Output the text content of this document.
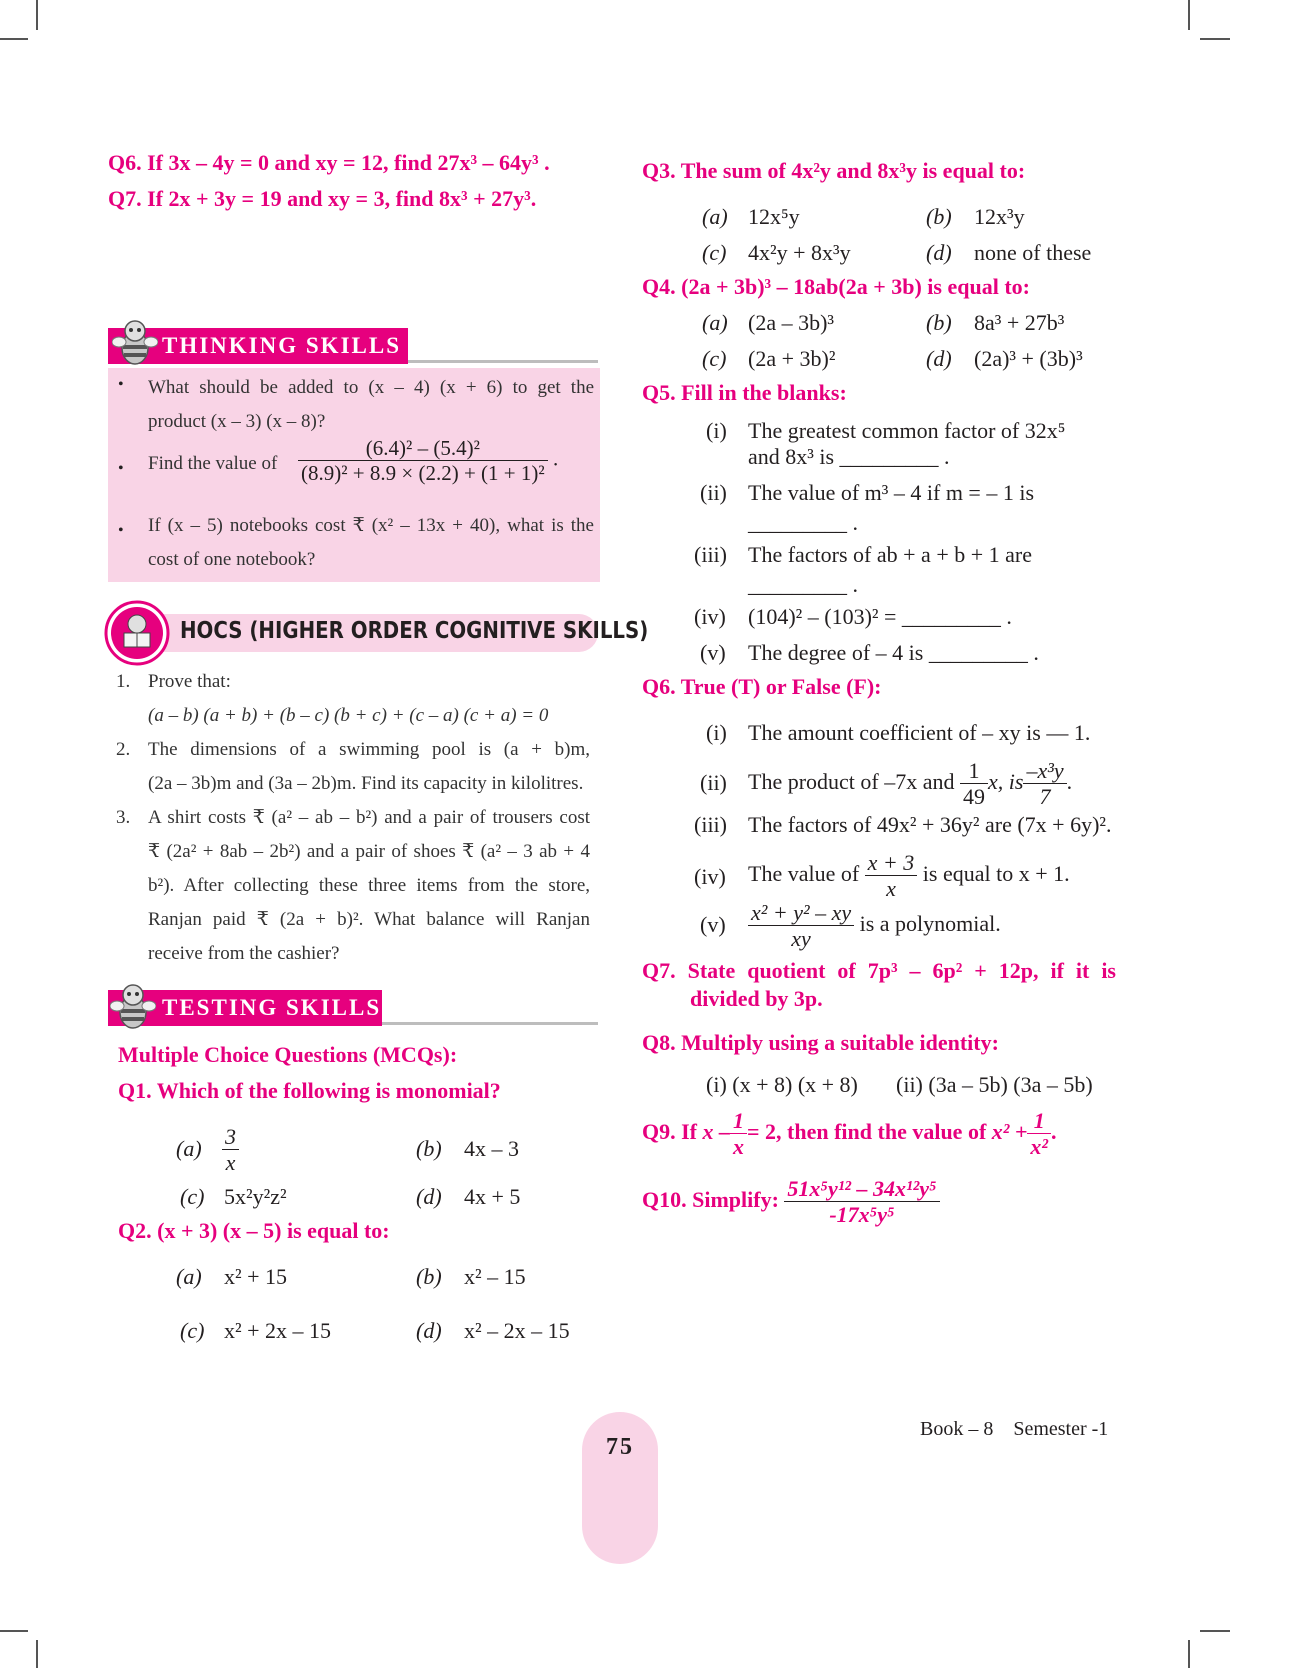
Q6. If 3x – 4y = 0 and xy = 12, find 27x³ – 64y³ .
Q7. If 2x + 3y = 19 and xy = 3, find 8x³ + 27y³.
THINKING SKILLS
• What should be added to (x – 4) (x + 6) to get the
product (x – 3) (x – 8)?
• Find the value of $\frac{\text{(6.4)² – (5.4)²}}{\text{(8.9)² + 8.9 × (2.2) + (1 + 1)²}}$ .
• If (x – 5) notebooks cost ₹ (x² – 13x + 40), what is the
cost of one notebook?
HOCS (HIGHER ORDER COGNITIVE SKILLS)
1. Prove that:
(a – b) (a + b) + (b – c) (b + c) + (c – a) (c + a) = 0
2. The dimensions of a swimming pool is (a + b)m,
(2a – 3b)m and (3a – 2b)m. Find its capacity in kilolitres.
3. A shirt costs ₹ (a² – ab – b²) and a pair of trousers cost
₹ (2a² + 8ab – 2b²) and a pair of shoes ₹ (a² – 3 ab + 4
b²). After collecting these three items from the store,
Ranjan paid ₹ (2a + b)². What balance will Ranjan
receive from the cashier?
TESTING SKILLS
Multiple Choice Questions (MCQs):
Q1. Which of the following is monomial?
$(a) \frac{3}{x}$	(b) 4x – 3
(c) 5x²y²z²	(d) 4x + 5
Q2. (x + 3) (x – 5) is equal to:
(a) x² + 15	(b) x² – 15
(c) x² + 2x – 15	(d) x² – 2x – 15
Q3. The sum of 4x²y and 8x³y is equal to:
(a) 12x⁵y	(b) 12x³y
(c) 4x²y + 8x³y	(d) none of these
Q4. (2a + 3b)³ – 18ab(2a + 3b) is equal to:
(a) (2a – 3b)³	(b) 8a³ + 27b³
(c) (2a + 3b)²	(d) (2a)³ + (3b)³
Q5. Fill in the blanks:
(i) The greatest common factor of 32x⁵
and 8x³ is _________ .
(ii) The value of m³ – 4 if m = – 1 is
_________ .
(iii) The factors of ab + a + b + 1 are
_________ .
(iv) (104)² – (103)² = _________ .
(v) The degree of – 4 is _________ .
Q6. True (T) or False (F):
(i) The amount coefficient of – xy is — 1.
(ii) The product of –7x and $\frac{1}{49} x$, is $\frac{\text{–x³y}}{7}$ .
(iii) The factors of 49x² + 36y² are (7x + 6y)².
(iv) The value of $\frac{x + 3}{x}$ is equal to x + 1.
$(v) \frac{\text{x² + y² – xy}}{xy}$ is a polynomial.
Q7. State quotient of 7p³ – 6p² + 12p, if it is
divided by 3p.
Q8. Multiply using a suitable identity:
(i) (x + 8) (x + 8) (ii) (3a – 5b) (3a – 5b)
Q9. If $x - \frac{1}{x} = 2$, then find the value of $x^2 + \frac{1}{\text{x²}}$ .
Q10. Simplify: $\frac{\text{51x⁵y¹² – 34x¹²y⁵}}{\text{-17x⁵y⁵}}$
75
Book – 8    Semester -1
